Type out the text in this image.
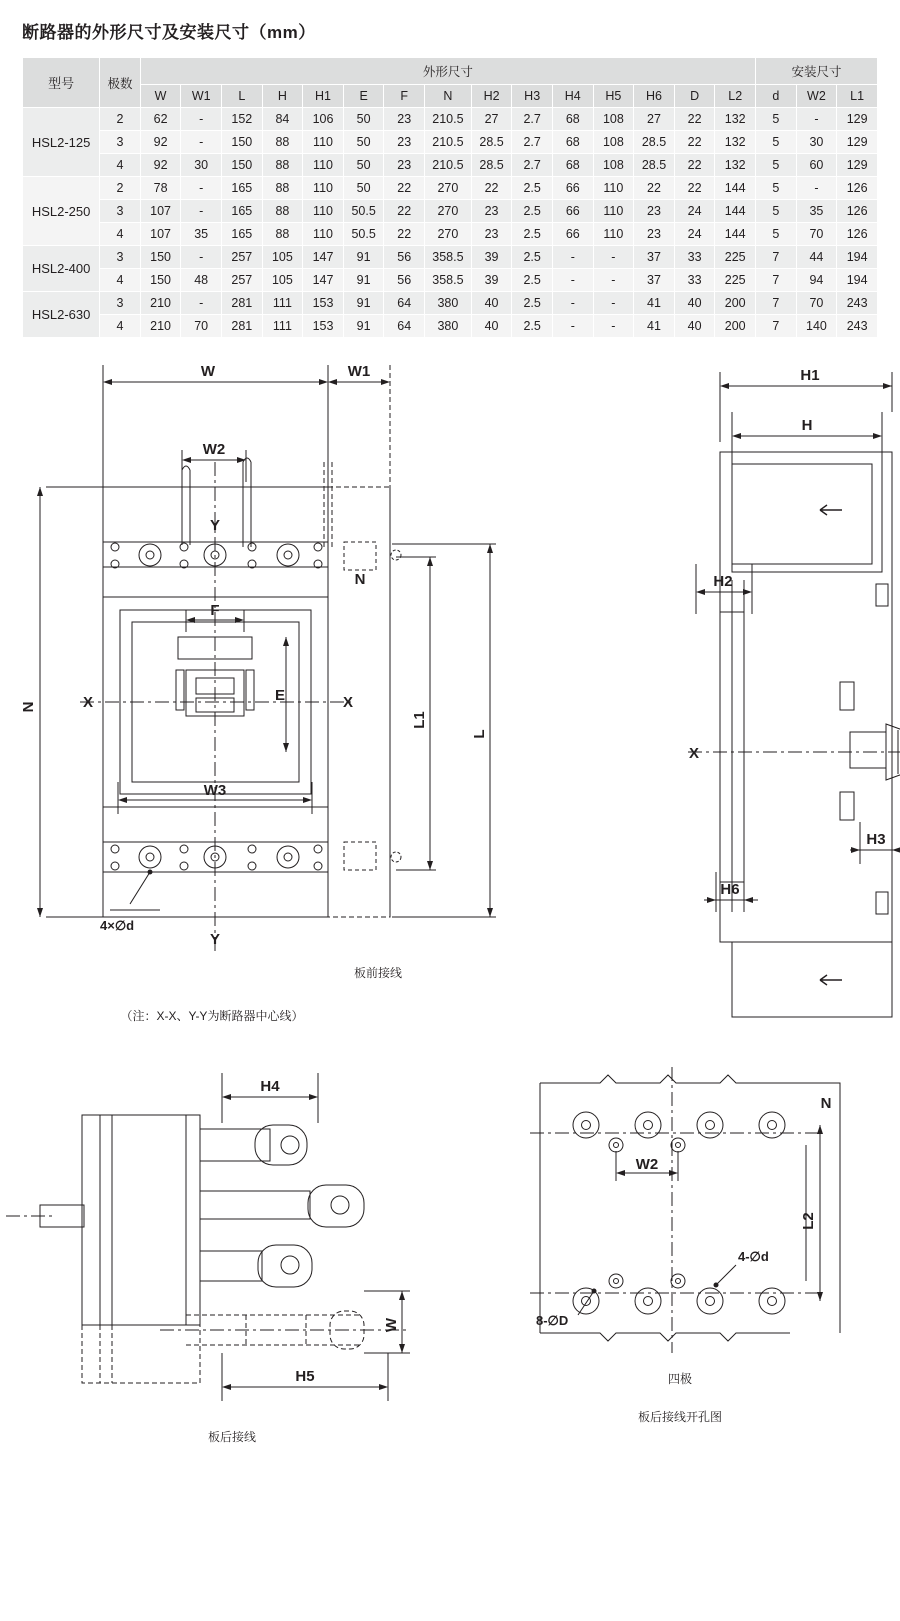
断路器的外形尺寸及安装尺寸（mm）
型号	极数	外形尺寸															安装尺寸		
		W	W1	L	H	H1	E	F	N	H2	H3	H4	H5	H6	D	L2	d	W2	L1
HSL2-125	2	62	-	152	84	106	50	23	210.5	27	2.7	68	108	27	22	132	5	-	129
	3	92	-	150	88	110	50	23	210.5	28.5	2.7	68	108	28.5	22	132	5	30	129
	4	92	30	150	88	110	50	23	210.5	28.5	2.7	68	108	28.5	22	132	5	60	129
HSL2-250	2	78	-	165	88	110	50	22	270	22	2.5	66	110	22	22	144	5	-	126
	3	107	-	165	88	110	50.5	22	270	23	2.5	66	110	23	24	144	5	35	126
	4	107	35	165	88	110	50.5	22	270	23	2.5	66	110	23	24	144	5	70	126
HSL2-400	3	150	-	257	105	147	91	56	358.5	39	2.5	-	-	37	33	225	7	44	194
	4	150	48	257	105	147	91	56	358.5	39	2.5	-	-	37	33	225	7	94	194
HSL2-630	3	210	-	281	111	153	91	64	380	40	2.5	-	-	41	40	200	7	70	243
	4	210	70	281	111	153	91	64	380	40	2.5	-	-	41	40	200	7	140	243
W	W1
W2
W3
F
E
N
L
L1
X	X
Y
Y
N
4×∅d
板前接线
（注：X-X、Y-Y为断路器中心线）
H1
H
H2
H3
H6
X
H4
H5
W
板后接线
W2
N
L2
8-∅D
4-∅d
四极
板后接线开孔图
